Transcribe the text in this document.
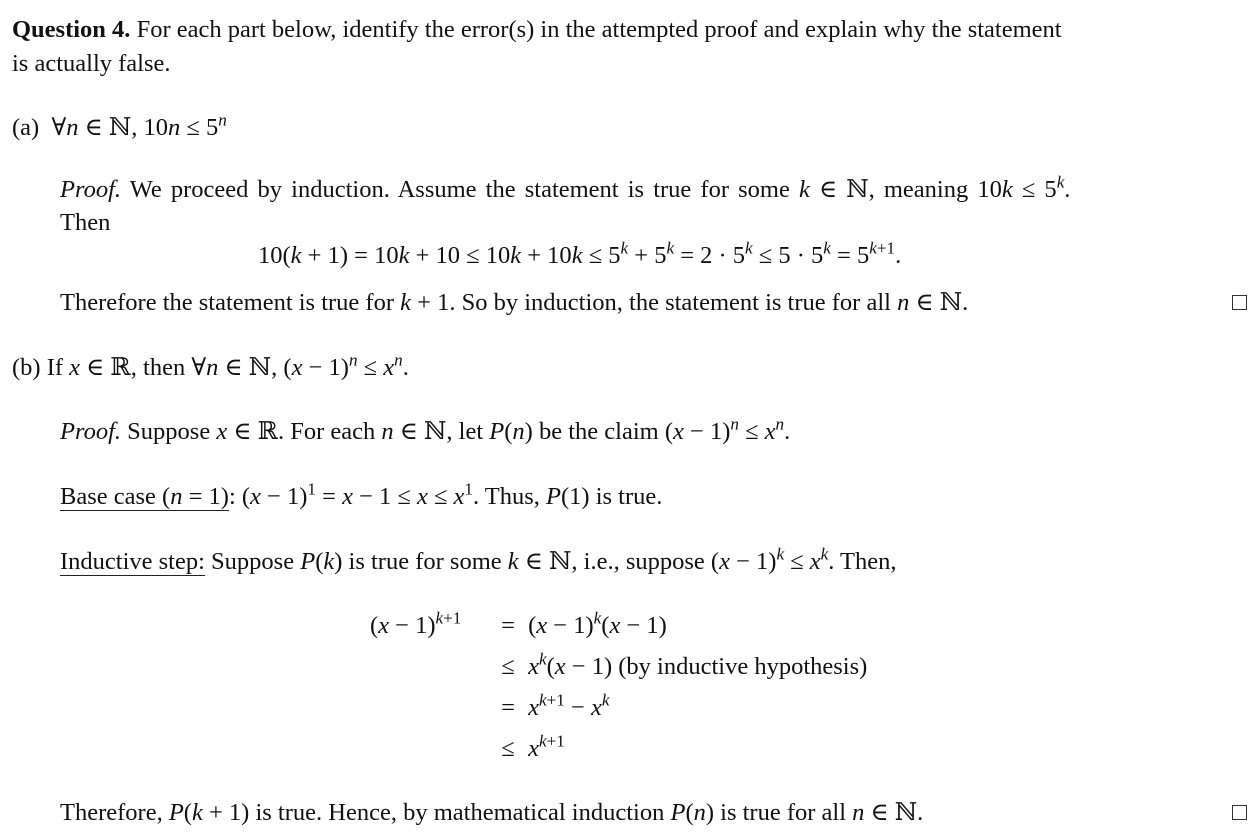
Question 4. For each part below, identify the error(s) in the attempted proof and explain why the statement
is actually false.
(a)  ∀n ∈ ℕ, $10n \le 5^n$
Proof. We proceed by induction. Assume the statement is true for some k ∈ ℕ, meaning $10k \le 5^k$.
Then
$10(k + 1) = 10k + 10 \le 10k + 10k \le 5^k + 5^k = 2 \cdot 5^k \le 5 \cdot 5^k = 5^{k+1}$.
Therefore the statement is true for k + 1. So by induction, the statement is true for all n ∈ ℕ.
(b) If x ∈ ℝ, then ∀n ∈ ℕ, $(x - 1)^n \le x^n$.
Proof. Suppose x ∈ ℝ. For each n ∈ ℕ, let P(n) be the claim $(x - 1)^n \le x^n$.
Base case (n = 1): $(x - 1)^1 = x - 1 \le x \le x^1$. Thus, P(1) is true.
Inductive step: Suppose P(k) is true for some k ∈ ℕ, i.e., suppose $(x - 1)^k \le x^k$. Then,
$(x - 1)^{k+1} = (x - 1)^k(x - 1)$
≤ $x^k(x - 1)$ (by inductive hypothesis)
= $x^{k+1} - x^k$
≤ $x^{k+1}$
Therefore, P(k + 1) is true. Hence, by mathematical induction P(n) is true for all n ∈ ℕ.
